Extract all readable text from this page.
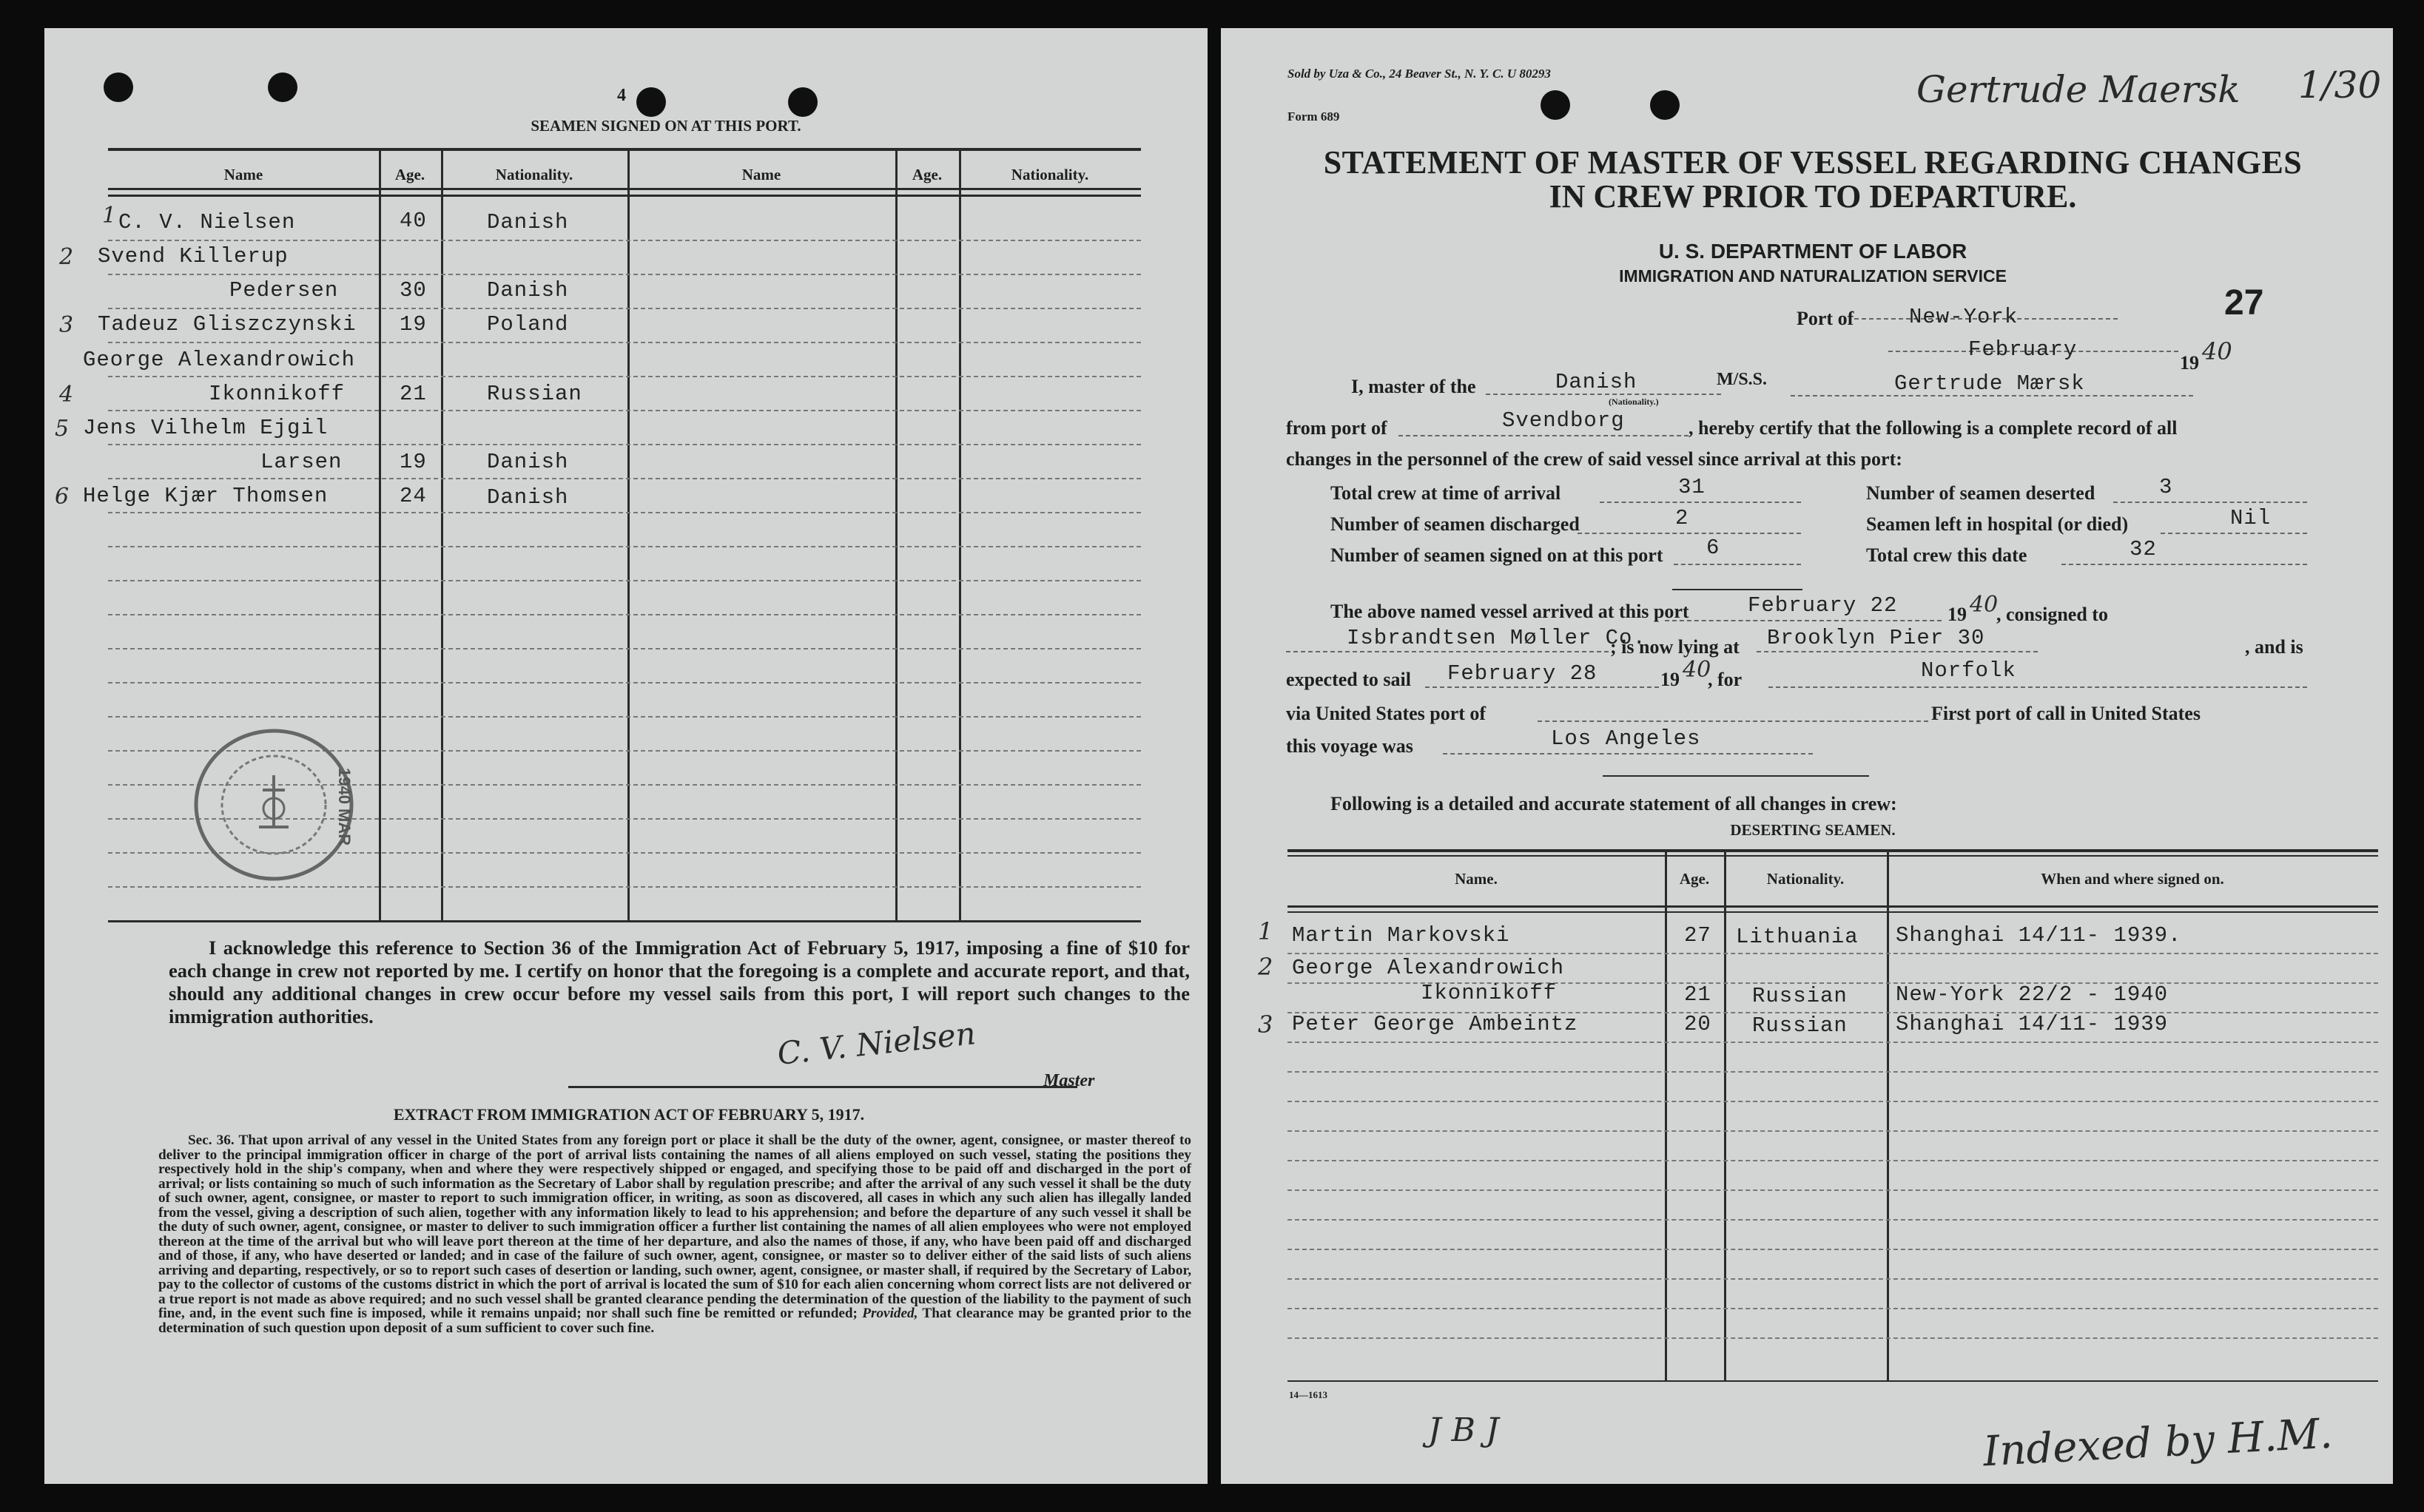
4
SEAMEN SIGNED ON AT THIS PORT.
Name	Age.	Nationality.	Name	Age.	Nationality.
1 C. V. Nielsen	40	Danish
2 Svend Killerup
Pedersen	30	Danish
3 Tadeuz Gliszczynski 19	Poland
George Alexandrowich
4	Ikonnikoff	21	Russian
5 Jens Vilhelm Ejgil
Larsen	19	Danish
6 Helge Kjær Thomsen	24	Danish
1940 MAR
I acknowledge this reference to Section 36 of the Immigration Act of February 5, 1917, imposing a fine of $10 for each change in crew not reported by me. I certify on honor that the foregoing is a complete and accurate report, and that, should any additional changes in crew occur before my vessel sails from this port, I will report such changes to the immigration authorities.	C. V. Nielsen
Master
EXTRACT FROM IMMIGRATION ACT OF FEBRUARY 5, 1917.
Sec. 36. That upon arrival of any vessel in the United States from any foreign port or place it shall be the duty of the owner, agent, consignee, or master thereof to deliver to the principal immigration officer in charge of the port of arrival lists containing the names of all aliens employed on such vessel, stating the positions they respectively hold in the ship's company, when and where they were respectively shipped or engaged, and specifying those to be paid off and discharged in the port of arrival; or lists containing so much of such information as the Secretary of Labor shall by regulation prescribe; and after the arrival of any such vessel it shall be the duty of such owner, agent, consignee, or master to report to such immigration officer, in writing, as soon as discovered, all cases in which any such alien has illegally landed from the vessel, giving a description of such alien, together with any information likely to lead to his apprehension; and before the departure of any such vessel it shall be the duty of such owner, agent, consignee, or master to deliver to such immigration officer a further list containing the names of all alien employees who were not employed thereon at the time of the arrival but who will leave port thereon at the time of her departure, and also the names of those, if any, who have been paid off and discharged and of those, if any, who have deserted or landed; and in case of the failure of such owner, agent, consignee, or master so to deliver either of the said lists of such aliens arriving and departing, respectively, or so to report such cases of desertion or landing, such owner, agent, consignee, or master shall, if required by the Secretary of Labor, pay to the collector of customs of the customs district in which the port of arrival is located the sum of $10 for each alien concerning whom correct lists are not delivered or a true report is not made as above required; and no such vessel shall be granted clearance pending the determination of the question of the liability to the payment of such fine, and, in the event such fine is imposed, while it remains unpaid; nor shall such fine be remitted or refunded; Provided, That clearance may be granted prior to the determination of such question upon deposit of a sum sufficient to cover such fine.
Sold by Uza & Co., 24 Beaver St., N. Y. C. U 80293
Form 689
Gertrude Maersk 1/30
STATEMENT OF MASTER OF VESSEL REGARDING CHANGES
IN CREW PRIOR TO DEPARTURE.
U. S. DEPARTMENT OF LABOR
IMMIGRATION AND NATURALIZATION SERVICE
27
Port of	New-York
February
19 40
I, master of the	Danish
(Nationality.)
M/S.S.	Gertrude Mærsk
from port of	Svendborg	, hereby certify that the following is a complete record of all
changes in the personnel of the crew of said vessel since arrival at this port:
Total crew at time of arrival	31
Number of seamen discharged	2
Number of seamen signed on at this port 6
Number of seamen deserted	3
Seamen left in hospital (or died)	Nil
Total crew this date	32
The above named vessel arrived at this port	February 22	19 40
, consigned to
Isbrandtsen Møller Co.
; is now lying at Brooklyn Pier 30	, and is
expected to sail February 28	19 40
, for	Norfolk
via United States port of	First port of call in United States
this voyage was	Los Angeles
Following is a detailed and accurate statement of all changes in crew:
DESERTING SEAMEN.
Name.	Age.	Nationality.	When and where signed on.
1 Martin Markovski	27 Lithuania Shanghai 14/11- 1939.
2 George Alexandrowich
Ikonnikoff	21 Russian New-York 22/2 - 1940
3 Peter George Ambeintz	20 Russian Shanghai 14/11- 1939
14—1613
J B J	Indexed by H.M.
